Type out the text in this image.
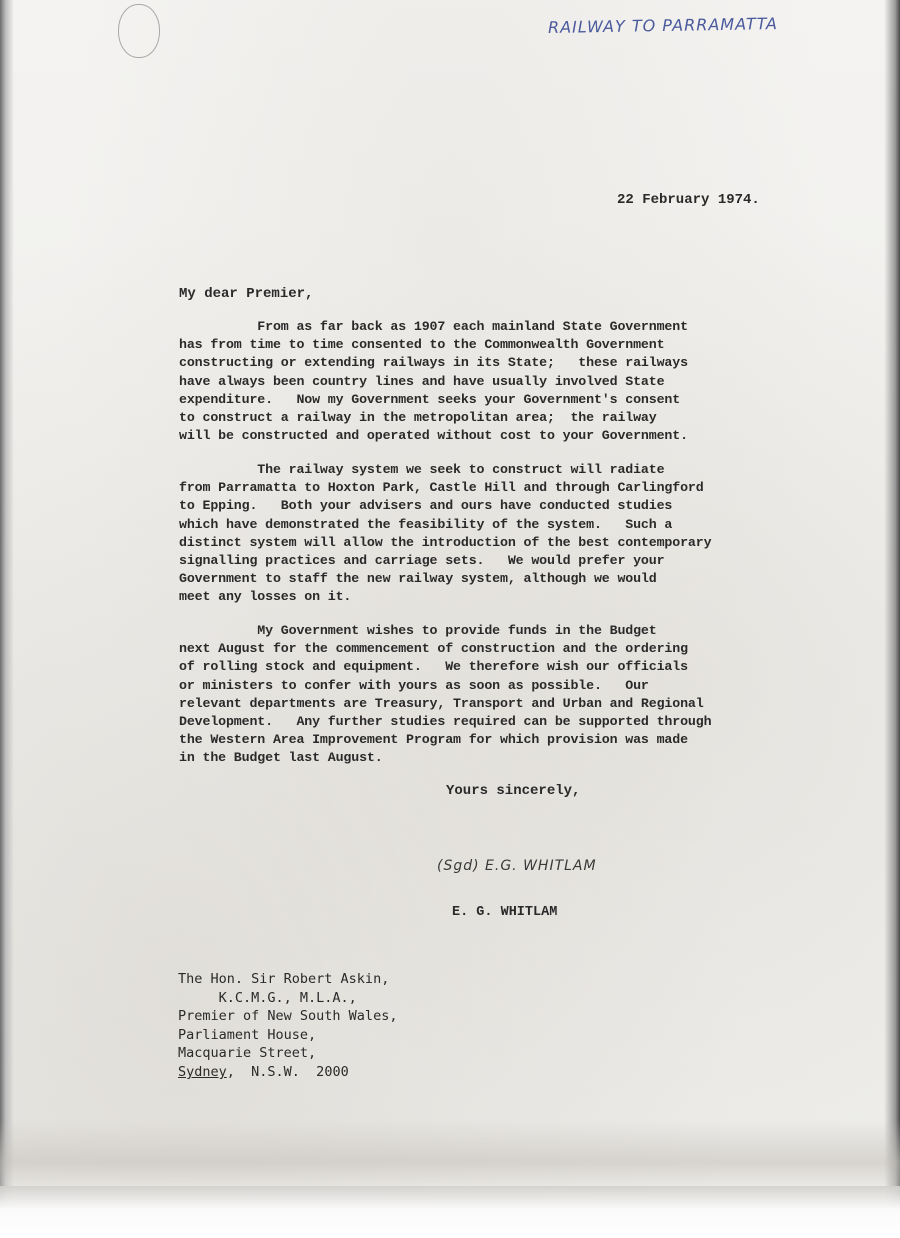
RAILWAY TO PARRAMATTA
22 February 1974.
My dear Premier,

From as far back as 1907 each mainland State Government
has from time to time consented to the Commonwealth Government
constructing or extending railways in its State;   these railways
have always been country lines and have usually involved State
expenditure.   Now my Government seeks your Government's consent
to construct a railway in the metropolitan area;  the railway
will be constructed and operated without cost to your Government.

The railway system we seek to construct will radiate
from Parramatta to Hoxton Park, Castle Hill and through Carlingford
to Epping.   Both your advisers and ours have conducted studies
which have demonstrated the feasibility of the system.   Such a
distinct system will allow the introduction of the best contemporary
signalling practices and carriage sets.   We would prefer your
Government to staff the new railway system, although we would
meet any losses on it.

My Government wishes to provide funds in the Budget
next August for the commencement of construction and the ordering
of rolling stock and equipment.   We therefore wish our officials
or ministers to confer with yours as soon as possible.   Our
relevant departments are Treasury, Transport and Urban and Regional
Development.   Any further studies required can be supported through
the Western Area Improvement Program for which provision was made
in the Budget last August.

Yours sincerely,
(Sgd) E.G. WHITLAM
E. G. WHITLAM
The Hon. Sir Robert Askin,
K.C.M.G., M.L.A.,
Premier of New South Wales,
Parliament House,
Macquarie Street,
Sydney,  N.S.W.  2000
